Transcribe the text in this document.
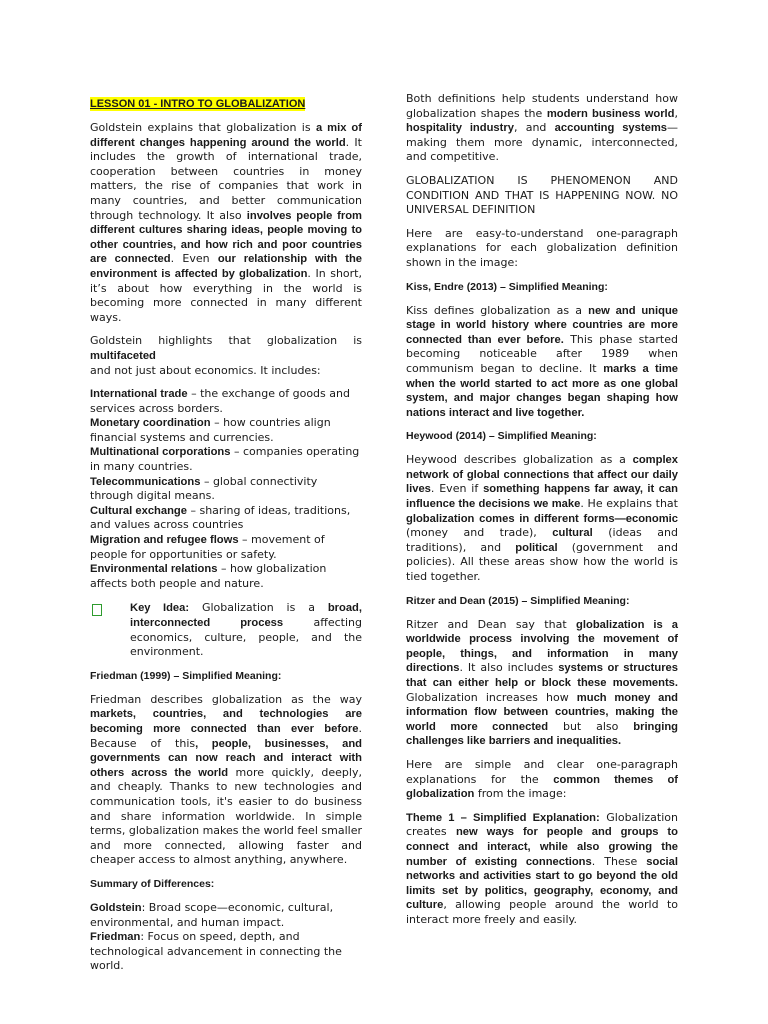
LESSON 01 - INTRO TO GLOBALIZATION

Goldstein explains that globalization is a mix of different changes happening around the world. It includes the growth of international trade, cooperation between countries in money matters, the rise of companies that work in many countries, and better communication through technology. It also involves people from different cultures sharing ideas, people moving to other countries, and how rich and poor countries are connected. Even our relationship with the environment is affected by globalization. In short, it’s about how everything in the world is becoming more connected in many different ways.

Goldstein highlights that globalization is multifaceted

and not just about economics. It includes:

International trade – the exchange of goods and services across borders.

Monetary coordination – how countries align financial systems and currencies.

Multinational corporations – companies operating in many countries.

Telecommunications – global connectivity through digital means.

Cultural exchange – sharing of ideas, traditions, and values across countries

Migration and refugee flows – movement of people for opportunities or safety.

Environmental relations – how globalization affects both people and nature.

Key Idea: Globalization is a broad, interconnected process affecting economics, culture, people, and the environment.

Friedman (1999) – Simplified Meaning:

Friedman describes globalization as the way markets, countries, and technologies are becoming more connected than ever before. Because of this, people, businesses, and governments can now reach and interact with others across the world more quickly, deeply, and cheaply. Thanks to new technologies and communication tools, it's easier to do business and share information worldwide. In simple terms, globalization makes the world feel smaller and more connected, allowing faster and cheaper access to almost anything, anywhere.

Summary of Differences:

Goldstein: Broad scope—economic, cultural, environmental, and human impact.

Friedman: Focus on speed, depth, and technological advancement in connecting the world.

Both definitions help students understand how globalization shapes the modern business world, hospitality industry, and accounting systems—making them more dynamic, interconnected, and competitive.

GLOBALIZATION IS PHENOMENON AND CONDITION AND THAT IS HAPPENING NOW. NO UNIVERSAL DEFINITION

Here are easy-to-understand one-paragraph explanations for each globalization definition shown in the image:

Kiss, Endre (2013) – Simplified Meaning:

Kiss defines globalization as a new and unique stage in world history where countries are more connected than ever before. This phase started becoming noticeable after 1989 when communism began to decline. It marks a time when the world started to act more as one global system, and major changes began shaping how nations interact and live together.

Heywood (2014) – Simplified Meaning:

Heywood describes globalization as a complex network of global connections that affect our daily lives. Even if something happens far away, it can influence the decisions we make. He explains that globalization comes in different forms—economic (money and trade), cultural (ideas and traditions), and political (government and policies). All these areas show how the world is tied together.

Ritzer and Dean (2015) – Simplified Meaning:

Ritzer and Dean say that globalization is a worldwide process involving the movement of people, things, and information in many directions. It also includes systems or structures that can either help or block these movements. Globalization increases how much money and information flow between countries, making the world more connected but also bringing challenges like barriers and inequalities.

Here are simple and clear one-paragraph explanations for the common themes of globalization from the image:

Theme 1 – Simplified Explanation: Globalization creates new ways for people and groups to connect and interact, while also growing the number of existing connections. These social networks and activities start to go beyond the old limits set by politics, geography, economy, and culture, allowing people around the world to interact more freely and easily.
